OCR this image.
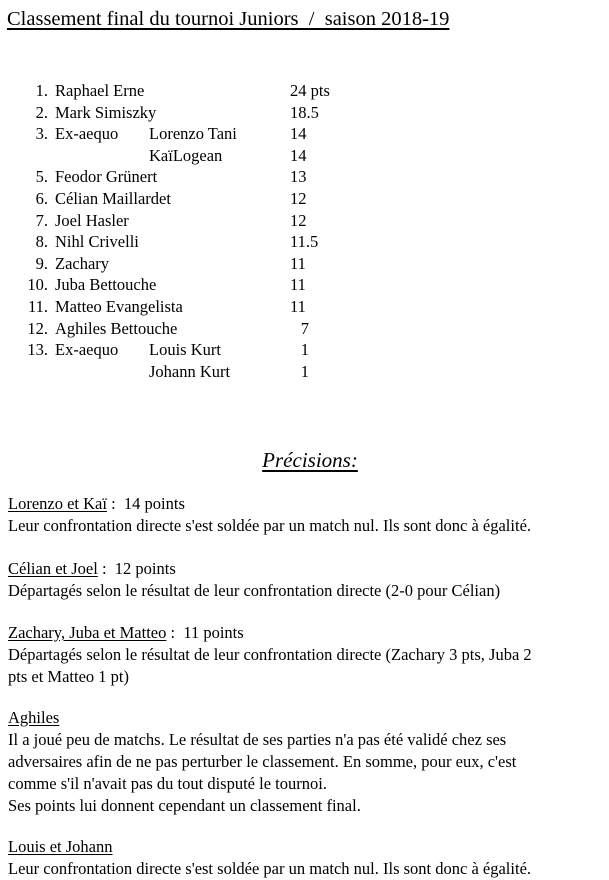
Classement final du tournoi Juniors  /  saison 2018-19
1. Raphael Erne	24 pts
2. Mark Simiszky	18.5
3. Ex-aequo Lorenzo Tani	14
KaïLogean	14
5. Feodor Grünert	13
6. Célian Maillardet	12
7. Joel Hasler	12
8. Nihl Crivelli	11.5
9. Zachary	11
10. Juba Bettouche	11
11. Matteo Evangelista	11
12. Aghiles Bettouche	7
13. Ex-aequo Louis Kurt	1
Johann Kurt	1
Précisions:
Lorenzo et Kaï :  14 points
Leur confrontation directe s'est soldée par un match nul. Ils sont donc à égalité.
Célian et Joel :  12 points
Départagés selon le résultat de leur confrontation directe (2-0 pour Célian)
Zachary, Juba et Matteo :  11 points
Départagés selon le résultat de leur confrontation directe (Zachary 3 pts, Juba 2
pts et Matteo 1 pt)
Aghiles
Il a joué peu de matchs. Le résultat de ses parties n'a pas été validé chez ses
adversaires afin de ne pas perturber le classement. En somme, pour eux, c'est
comme s'il n'avait pas du tout disputé le tournoi.
Ses points lui donnent cependant un classement final.
Louis et Johann
Leur confrontation directe s'est soldée par un match nul. Ils sont donc à égalité.
